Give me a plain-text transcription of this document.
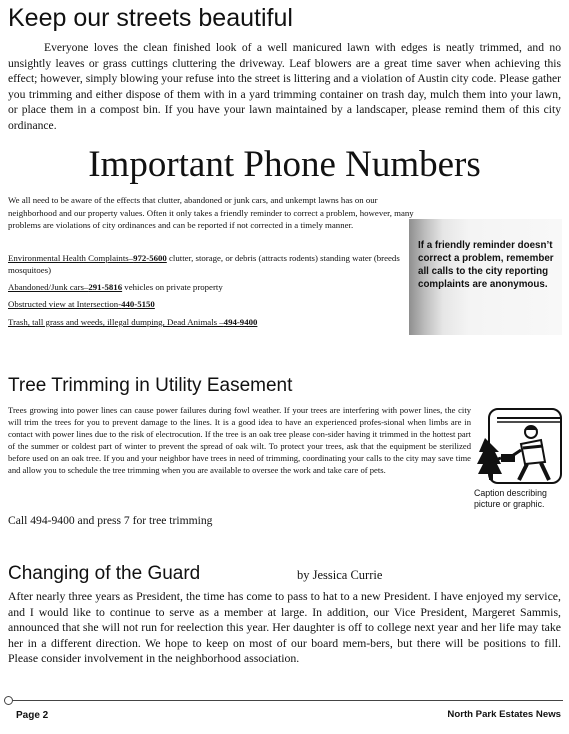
Keep our streets beautiful

Everyone loves the clean finished look of a well manicured lawn with edges is neatly trimmed, and no unsightly leaves or grass cuttings cluttering the driveway. Leaf blowers are a great time saver when achieving this effect; however, simply blowing your refuse into the street is littering and a violation of Austin city code. Please gather you trimming and either dispose of them with in a yard trimming container on trash day, mulch them into your lawn, or place them in a compost bin. If you have your lawn maintained by a landscaper, please remind them of this city ordinance.

Important Phone Numbers

We all need to be aware of the effects that clutter, abandoned or junk cars, and unkempt lawns has on our neighborhood and our property values. Often it only takes a friendly reminder to correct a problem, however, many problems are violations of city ordinances and can be reported if not corrected in a timely manner.

Environmental Health Complaints–972-5600 clutter, storage, or debris (attracts rodents) standing water (breeds mosquitoes)

Abandoned/Junk cars–291-5816 vehicles on private property

Obstructed view at Intersection-440-5150

Trash, tall grass and weeds, illegal dumping, Dead Animals –494-9400

If a friendly reminder doesn’t correct a problem, remember all calls to the city reporting complaints are anonymous.
Tree Trimming in Utility Easement

Trees growing into power lines can cause power failures during fowl weather. If your trees are interfering with power lines, the city will trim the trees for you to prevent damage to the lines. It is a good idea to have an experienced profes-sional when limbs are in contact with power lines due to the risk of electrocution. If the tree is an oak tree please con-sider having it trimmed in the hottest part of the summer or coldest part of winter to prevent the spread of oak wilt. To protect your trees, ask that the equipment be sterilized before used on an oak tree. If you and your neighbor have trees in need of trimming, coordinating your calls to the city may save time and allow you to schedule the tree trimming when you are available to oversee the work and take care of pets.

Caption describing picture or graphic.

Call 494-9400 and press 7 for tree trimming

Changing of the Guard	by Jessica Currie

After nearly three years as President, the time has come to pass to hat to a new President. I have enjoyed my service, and I would like to continue to serve as a member at large. In addition, our Vice President, Margeret Sammis, announced that she will not run for reelection this year. Her daughter is off to college next year and her life may take her in a different direction. We hope to keep on most of our board mem-bers, but there will be positions to fill. Please consider involvement in the neighborhood association.

Page 2	North Park Estates News
